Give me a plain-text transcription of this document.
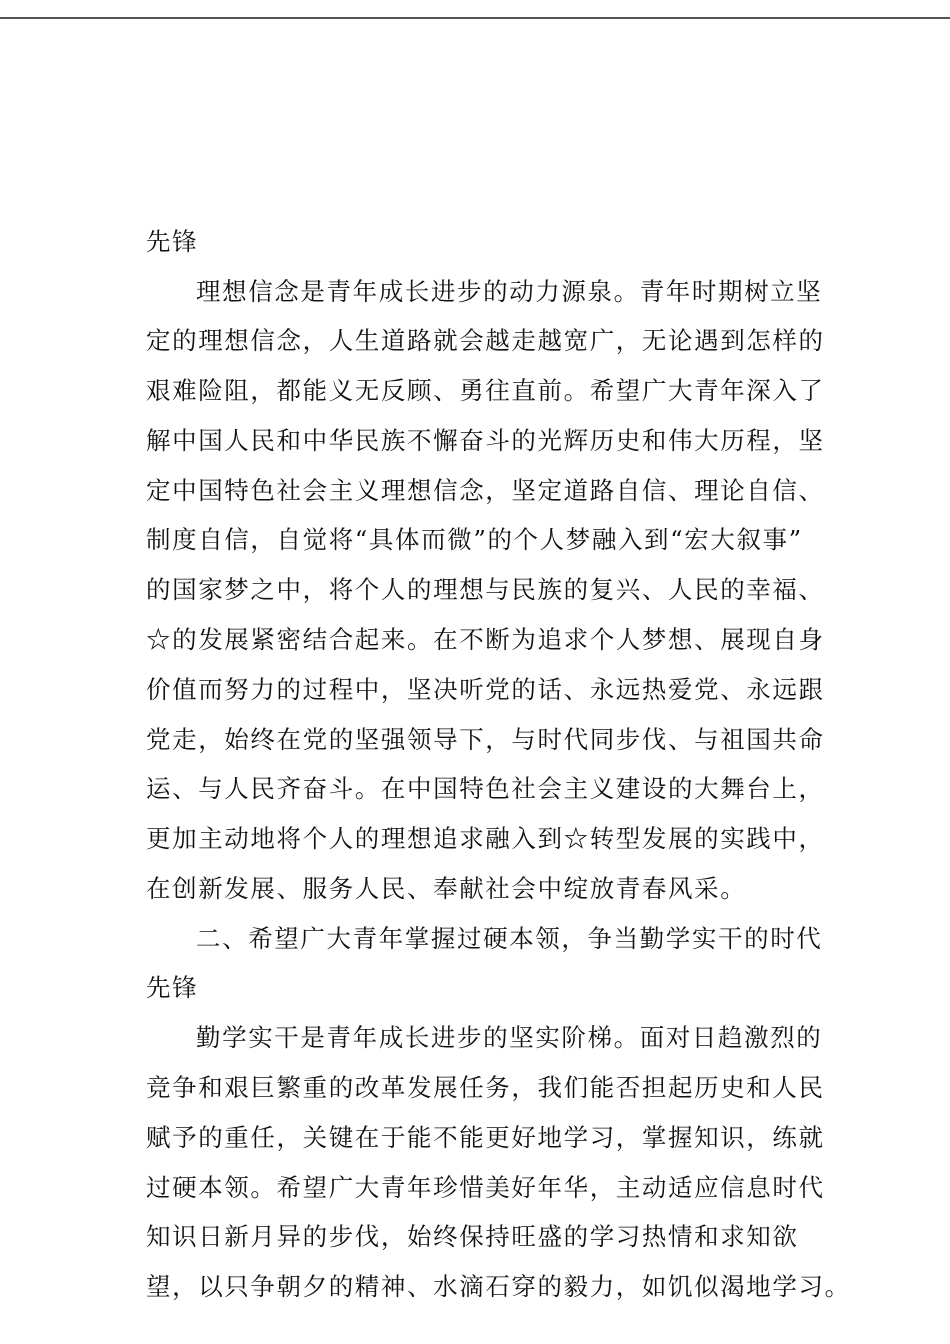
先锋
理想信念是青年成长进步的动力源泉。青年时期树立坚
定的理想信念，人生道路就会越走越宽广，无论遇到怎样的
艰难险阻，都能义无反顾、勇往直前。希望广大青年深入了
解中国人民和中华民族不懈奋斗的光辉历史和伟大历程，坚
定中国特色社会主义理想信念，坚定道路自信、理论自信、
制度自信，自觉将“具体而微”的个人梦融入到“宏大叙事”
的国家梦之中，将个人的理想与民族的复兴、人民的幸福、
☆的发展紧密结合起来。在不断为追求个人梦想、展现自身
价值而努力的过程中，坚决听党的话、永远热爱党、永远跟
党走，始终在党的坚强领导下，与时代同步伐、与祖国共命
运、与人民齐奋斗。在中国特色社会主义建设的大舞台上，
更加主动地将个人的理想追求融入到☆转型发展的实践中，
在创新发展、服务人民、奉献社会中绽放青春风采。
二、希望广大青年掌握过硬本领，争当勤学实干的时代
先锋
勤学实干是青年成长进步的坚实阶梯。面对日趋激烈的
竞争和艰巨繁重的改革发展任务，我们能否担起历史和人民
赋予的重任，关键在于能不能更好地学习，掌握知识，练就
过硬本领。希望广大青年珍惜美好年华，主动适应信息时代
知识日新月异的步伐，始终保持旺盛的学习热情和求知欲
望，以只争朝夕的精神、水滴石穿的毅力，如饥似渴地学习。
